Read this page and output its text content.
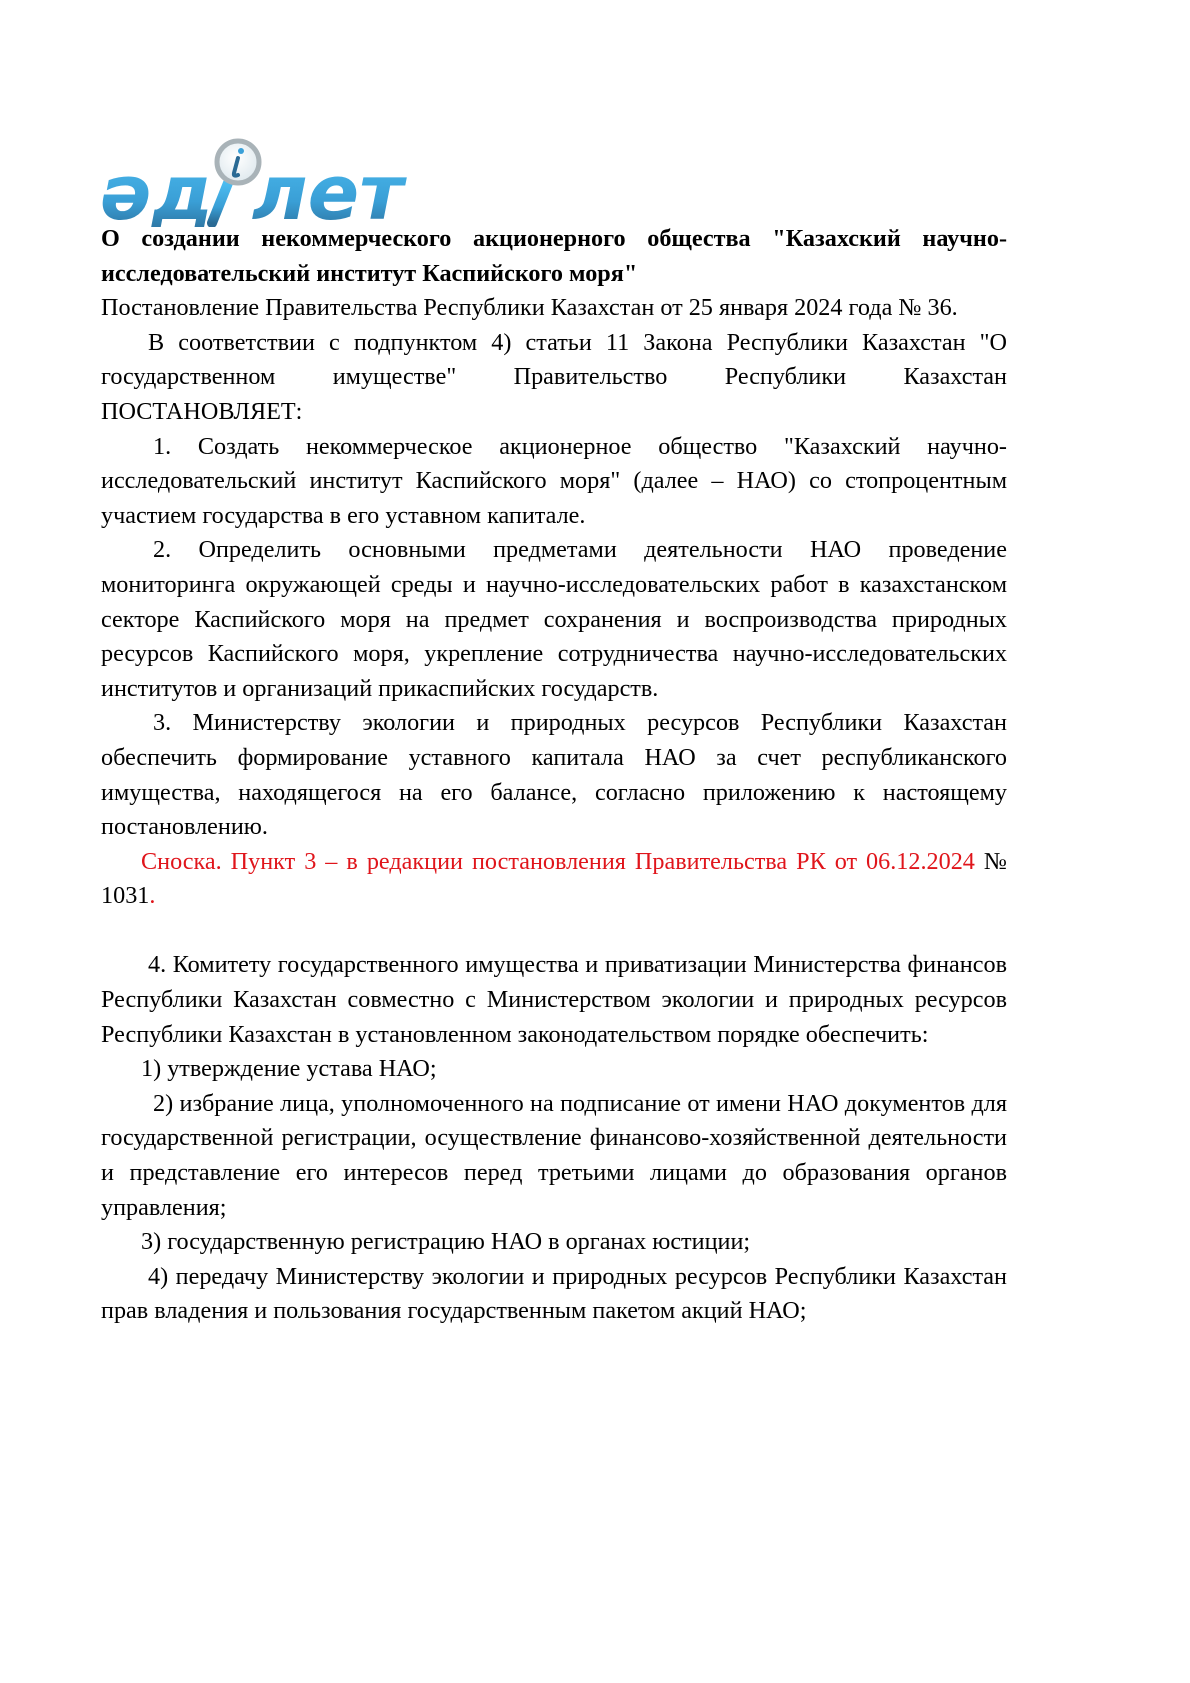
әд лет

О создании некоммерческого акционерного общества "Казахский научно-исследовательский институт Каспийского моря"

Постановление Правительства Республики Казахстан от 25 января 2024 года № 36.

В соответствии с подпунктом 4) статьи 11 Закона Республики Казахстан "О государственном имуществе" Правительство Республики Казахстан ПОСТАНОВЛЯЕТ:

1. Создать некоммерческое акционерное общество "Казахский научно-исследовательский институт Каспийского моря" (далее – НАО) со стопроцентным участием государства в его уставном капитале.

2. Определить основными предметами деятельности НАО проведение мониторинга окружающей среды и научно-исследовательских работ в казахстанском секторе Каспийского моря на предмет сохранения и воспроизводства природных ресурсов Каспийского моря, укрепление сотрудничества научно-исследовательских институтов и организаций прикаспийских государств.

3. Министерству экологии и природных ресурсов Республики Казахстан обеспечить формирование уставного капитала НАО за счет республиканского имущества, находящегося на его балансе, согласно приложению к настоящему постановлению.

Сноска. Пункт 3 – в редакции постановления Правительства РК от 06.12.2024 № 1031.

4. Комитету государственного имущества и приватизации Министерства финансов Республики Казахстан совместно с Министерством экологии и природных ресурсов Республики Казахстан в установленном законодательством порядке обеспечить:

1) утверждение устава НАО;

2) избрание лица, уполномоченного на подписание от имени НАО документов для государственной регистрации, осуществление финансово-хозяйственной деятельности и представление его интересов перед третьими лицами до образования органов управления;

3) государственную регистрацию НАО в органах юстиции;

4) передачу Министерству экологии и природных ресурсов Республики Казахстан прав владения и пользования государственным пакетом акций НАО;
